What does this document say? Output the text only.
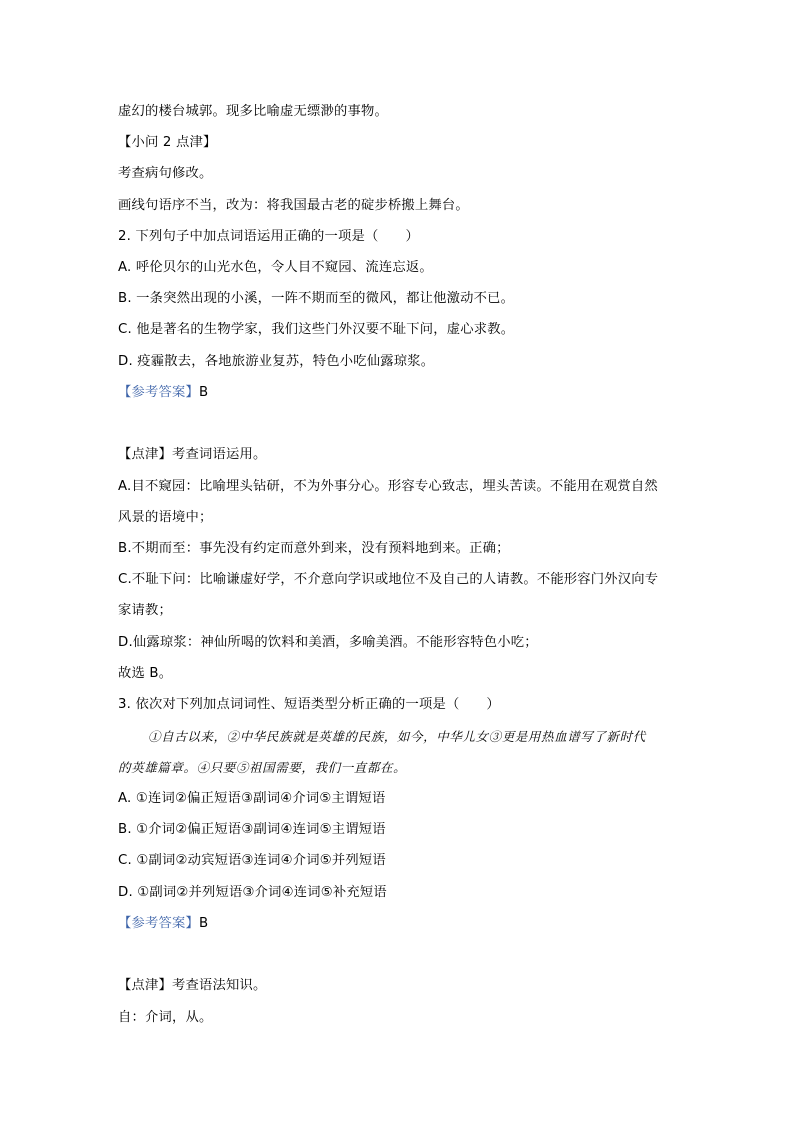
虚幻的楼台城郭。现多比喻虚无缥渺的事物。
【小问 2 点津】
考查病句修改。
画线句语序不当，改为：将我国最古老的碇步桥搬上舞台。
2. 下列句子中加点词语运用正确的一项是（　　）
A. 呼伦贝尔的山光水色，令人目不窥园、流连忘返。
B. 一条突然出现的小溪，一阵不期而至的微风，都让他激动不已。
C. 他是著名的生物学家，我们这些门外汉要不耻下问，虚心求教。
D. 疫霾散去，各地旅游业复苏，特色小吃仙露琼浆。
【参考答案】B
【点津】考查词语运用。
A.目不窥园：比喻埋头钻研，不为外事分心。形容专心致志，埋头苦读。不能用在观赏自然
风景的语境中；
B.不期而至：事先没有约定而意外到来，没有预料地到来。正确；
C.不耻下问：比喻谦虚好学，不介意向学识或地位不及自己的人请教。不能形容门外汉向专
家请教；
D.仙露琼浆：神仙所喝的饮料和美酒，多喻美酒。不能形容特色小吃；
故选 B。
3. 依次对下列加点词词性、短语类型分析正确的一项是（　　）
①自古以来，②中华民族就是英雄的民族，如今，中华儿女③更是用热血谱写了新时代
的英雄篇章。④只要⑤祖国需要，我们一直都在。
A. ①连词②偏正短语③副词④介词⑤主谓短语
B. ①介词②偏正短语③副词④连词⑤主谓短语
C. ①副词②动宾短语③连词④介词⑤并列短语
D. ①副词②并列短语③介词④连词⑤补充短语
【参考答案】B
【点津】考查语法知识。
自：介词，从。
